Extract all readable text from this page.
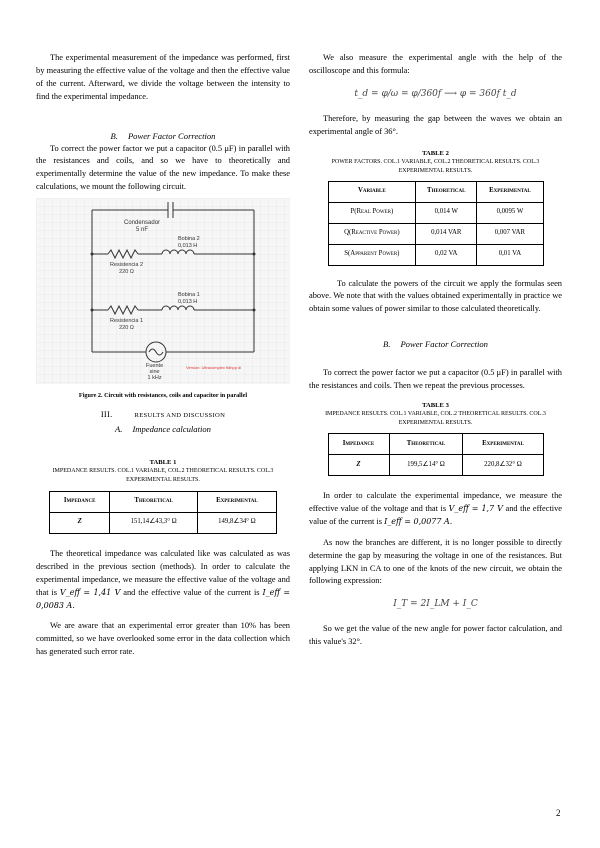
The experimental measurement of the impedance was performed, first by measuring the effective value of the voltage and then the effective value of the current. Afterward, we divide the voltage between the intensity to find the experimental impedance.

B. Power Factor Correction

To correct the power factor we put a capacitor (0.5 μF) in parallel with the resistances and coils, and so we have to theoretically and experimentally determine the value of the new impedance. To make these calculations, we mount the following circuit.

Condensador
5 nF
Bobina 2
0,013 H
Resistencia 2
220 Ω
Bobina 1
0,013 H
Resistencia 1
220 Ω
Fuente
sine
1 kHz
Version: Ultracomplex fidhpp di

Figure 2. Circuit with resistances, coils and capacitor in parallel

III.	RESULTS AND DISCUSSION

A. Impedance calculation

TABLE 1
IMPEDANCE RESULTS. COL.1 VARIABLE, COL.2 THEORETICAL RESULTS. COL.3 EXPERIMENTAL RESULTS.
Impedance	Theoretical	Experimental
Z	151,14∠43,3° Ω	149,8∠34° Ω

The theoretical impedance was calculated like was calculated as was described in the previous section (methods). In order to calculate the experimental impedance, we measure the effective value of the voltage and that is V_eff = 1,41 V and the effective value of the current is I_eff = 0,0083 A.

We are aware that an experimental error greater than 10% has been committed, so we have overlooked some error in the data collection which has generated such error rate.

We also measure the experimental angle with the help of the oscilloscope and this formula:

t_d = φ/ω = φ/360f ⟶ φ = 360f t_d

Therefore, by measuring the gap between the waves we obtain an experimental angle of 36°.

TABLE 2
POWER FACTORS. COL.1 VARIABLE, COL.2 THEORETICAL RESULTS. COL.3 EXPERIMENTAL RESULTS.
Variable	Theoretical	Experimental
P(Real Power)	0,014 W	0,0095 W
Q(Reactive Power)	0,014 VAR	0,007 VAR
S(Apparent Power)	0,02 VA	0,01 VA

To calculate the powers of the circuit we apply the formulas seen above. We note that with the values obtained experimentally in practice we obtain some values of power similar to those calculated theoretically.

B. Power Factor Correction

To correct the power factor we put a capacitor (0.5 μF) in parallel with the resistances and coils. Then we repeat the previous processes.

TABLE 3
IMPEDANCE RESULTS. COL.1 VARIABLE, COL.2 THEORETICAL RESULTS. COL.3 EXPERIMENTAL RESULTS.
Impedance	Theoretical	Experimental
Z	199,5∠14° Ω	220,8∠32° Ω

In order to calculate the experimental impedance, we measure the effective value of the voltage and that is V_eff = 1,7 V and the effective value of the current is I_eff = 0,0077 A.

As now the branches are different, it is no longer possible to directly determine the gap by measuring the voltage in one of the resistances. But applying LKN in CA to one of the knots of the new circuit, we obtain the following expression:

I_T = 2I_LM + I_C

So we get the value of the new angle for power factor calculation, and this value's 32°.

2
